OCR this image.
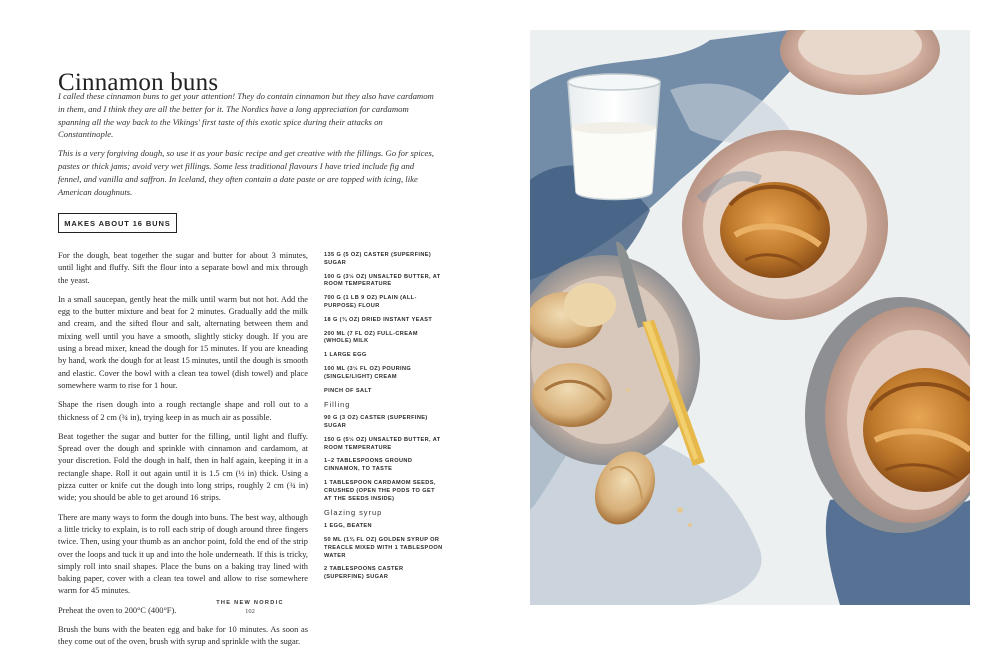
Cinnamon buns

I called these cinnamon buns to get your attention! They do contain cinnamon but they also have cardamom in them, and I think they are all the better for it. The Nordics have a long appreciation for cardamom spanning all the way back to the Vikings' first taste of this exotic spice during their attacks on Constantinople.

This is a very forgiving dough, so use it as your basic recipe and get creative with the fillings. Go for spices, pastes or thick jams; avoid very wet fillings. Some less traditional flavours I have tried include fig and fennel, and vanilla and saffron. In Iceland, they often contain a date paste or are topped with icing, like American doughnuts.

MAKES ABOUT 16 BUNS

For the dough, beat together the sugar and butter for about 3 minutes, until light and fluffy. Sift the flour into a separate bowl and mix through the yeast.

In a small saucepan, gently heat the milk until warm but not hot. Add the egg to the butter mixture and beat for 2 minutes. Gradually add the milk and cream, and the sifted flour and salt, alternating between them and mixing well until you have a smooth, slightly sticky dough. If you are using a bread mixer, knead the dough for 15 minutes. If you are kneading by hand, work the dough for at least 15 minutes, until the dough is smooth and elastic. Cover the bowl with a clean tea towel (dish towel) and place somewhere warm to rise for 1 hour.

Shape the risen dough into a rough rectangle shape and roll out to a thickness of 2 cm (¾ in), trying keep in as much air as possible.

Beat together the sugar and butter for the filling, until light and fluffy. Spread over the dough and sprinkle with cinnamon and cardamom, at your discretion. Fold the dough in half, then in half again, keeping it in a rectangle shape. Roll it out again until it is 1.5 cm (½ in) thick. Using a pizza cutter or knife cut the dough into long strips, roughly 2 cm (¾ in) wide; you should be able to get around 16 strips.

There are many ways to form the dough into buns. The best way, although a little tricky to explain, is to roll each strip of dough around three fingers twice. Then, using your thumb as an anchor point, fold the end of the strip over the loops and tuck it up and into the hole underneath. If this is tricky, simply roll into snail shapes. Place the buns on a baking tray lined with baking paper, cover with a clean tea towel and allow to rise somewhere warm for 45 minutes.

Preheat the oven to 200°C (400°F).

Brush the buns with the beaten egg and bake for 10 minutes. As soon as they come out of the oven, brush with syrup and sprinkle with the sugar.

135 G (5 OZ) CASTER (SUPERFINE) SUGAR
100 G (3½ OZ) UNSALTED BUTTER, AT ROOM TEMPERATURE
700 G (1 LB 9 OZ) PLAIN (ALL-PURPOSE) FLOUR
18 G (¾ OZ) DRIED INSTANT YEAST
200 ML (7 FL OZ) FULL-CREAM (WHOLE) MILK
1 LARGE EGG
100 ML (3½ FL OZ) POURING (SINGLE/LIGHT) CREAM
PINCH OF SALT
Filling
90 G (3 OZ) CASTER (SUPERFINE) SUGAR
150 G (5½ OZ) UNSALTED BUTTER, AT ROOM TEMPERATURE
1–2 TABLESPOONS GROUND CINNAMON, TO TASTE
1 TABLESPOON CARDAMOM SEEDS, CRUSHED (OPEN THE PODS TO GET AT THE SEEDS INSIDE)
Glazing syrup
1 EGG, BEATEN
50 ML (1¾ FL OZ) GOLDEN SYRUP OR TREACLE MIXED WITH 1 TABLESPOON WATER
2 TABLESPOONS CASTER (SUPERFINE) SUGAR
THE NEW NORDIC
102
